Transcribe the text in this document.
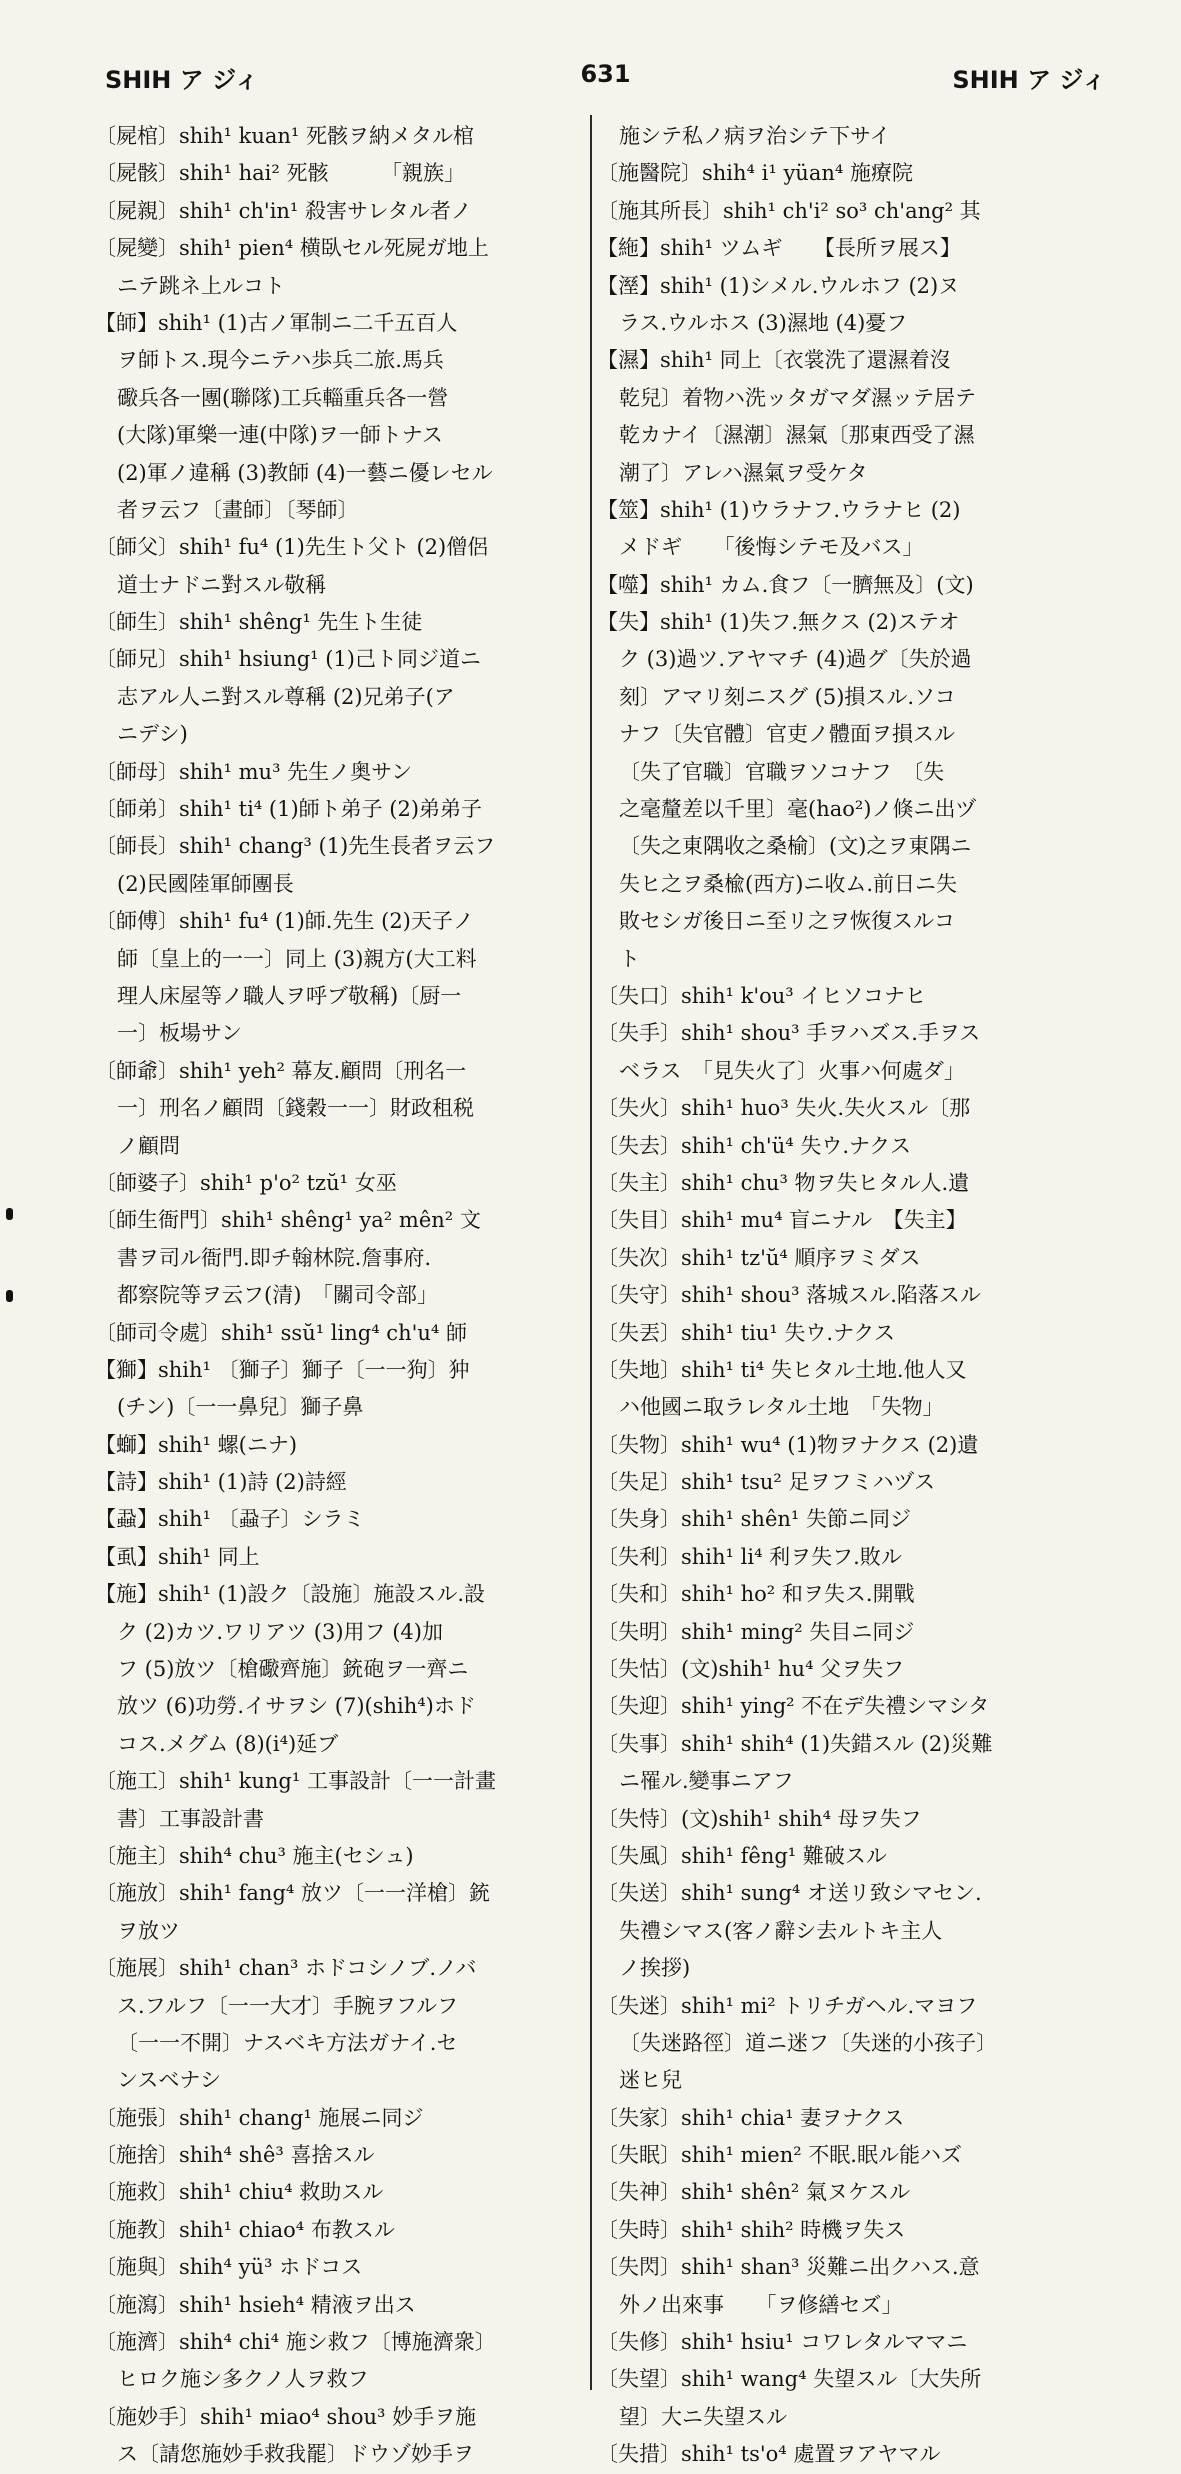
SHIH ア ジィ	631	SHIH ア ジィ
〔屍棺〕shih¹ kuan¹ 死骸ヲ納メタル棺
〔屍骸〕shih¹ hai² 死骸　　　「親族」
〔屍親〕shih¹ ch'in¹ 殺害サレタル者ノ
〔屍變〕shih¹ pien⁴ 横臥セル死屍ガ地上
ニテ跳ネ上ルコト
【師】shih¹ (1)古ノ軍制ニ二千五百人
ヲ師トス.現今ニテハ歩兵二旅.馬兵
礮兵各一團(聯隊)工兵輜重兵各一營
(大隊)軍樂一連(中隊)ヲ一師トナス
(2)軍ノ違稱 (3)教師 (4)一藝ニ優レセル
者ヲ云フ〔畫師〕〔琴師〕
〔師父〕shih¹ fu⁴ (1)先生ト父ト (2)僧侶
道士ナドニ對スル敬稱
〔師生〕shih¹ shêng¹ 先生ト生徒
〔師兄〕shih¹ hsiung¹ (1)己ト同ジ道ニ
志アル人ニ對スル尊稱 (2)兄弟子(ア
ニデシ)
〔師母〕shih¹ mu³ 先生ノ奥サン
〔師弟〕shih¹ ti⁴ (1)師ト弟子 (2)弟弟子
〔師長〕shih¹ chang³ (1)先生長者ヲ云フ
(2)民國陸軍師團長
〔師傅〕shih¹ fu⁴ (1)師.先生 (2)天子ノ
師〔皇上的一一〕同上 (3)親方(大工料
理人床屋等ノ職人ヲ呼ブ敬稱)〔厨一
一〕板場サン
〔師爺〕shih¹ yeh² 幕友.顧問〔刑名一
一〕刑名ノ顧問〔錢穀一一〕財政租税
ノ顧問
〔師婆子〕shih¹ p'o² tzŭ¹ 女巫
〔師生衙門〕shih¹ shêng¹ ya² mên² 文
書ヲ司ル衙門.即チ翰林院.詹事府.
都察院等ヲ云フ(清)　「關司令部」
〔師司令處〕shih¹ ssŭ¹ ling⁴ ch'u⁴ 師
【獅】shih¹ 〔獅子〕獅子〔一一狗〕狆
(チン)〔一一鼻兒〕獅子鼻
【螄】shih¹ 螺(ニナ)
【詩】shih¹ (1)詩 (2)詩經
【蝨】shih¹ 〔蝨子〕シラミ
【虱】shih¹ 同上
【施】shih¹ (1)設ク〔設施〕施設スル.設
ク (2)カツ.ワリアツ (3)用フ (4)加
フ (5)放ツ〔槍礮齊施〕銃砲ヲ一齊ニ
放ツ (6)功勞.イサヲシ (7)(shih⁴)ホド
コス.メグム (8)(i⁴)延ブ
〔施工〕shih¹ kung¹ 工事設計〔一一計畫
書〕工事設計書
〔施主〕shih⁴ chu³ 施主(セシュ)
〔施放〕shih¹ fang⁴ 放ツ〔一一洋槍〕銃
ヲ放ツ
〔施展〕shih¹ chan³ ホドコシノブ.ノバ
ス.フルフ〔一一大才〕手腕ヲフルフ
〔一一不開〕ナスベキ方法ガナイ.セ
ンスベナシ
〔施張〕shih¹ chang¹ 施展ニ同ジ
〔施捨〕shih⁴ shê³ 喜捨スル
〔施救〕shih¹ chiu⁴ 救助スル
〔施教〕shih¹ chiao⁴ 布教スル
〔施與〕shih⁴ yü³ ホドコス
〔施瀉〕shih¹ hsieh⁴ 精液ヲ出ス
〔施濟〕shih⁴ chi⁴ 施シ救フ〔博施濟衆〕
ヒロク施シ多クノ人ヲ救フ
〔施妙手〕shih¹ miao⁴ shou³ 妙手ヲ施
ス〔請您施妙手救我罷〕ドウゾ妙手ヲ
施シテ私ノ病ヲ治シテ下サイ
〔施醫院〕shih⁴ i¹ yüan⁴ 施療院
〔施其所長〕shih¹ ch'i² so³ ch'ang² 其
【絁】shih¹ ツムギ　　【長所ヲ展ス】
【溼】shih¹ (1)シメル.ウルホフ (2)ヌ
ラス.ウルホス (3)濕地 (4)憂フ
【濕】shih¹ 同上〔衣裳洗了還濕着沒
乾兒〕着物ハ洗ッタガマダ濕ッテ居テ
乾カナイ〔濕潮〕濕氣〔那東西受了濕
潮了〕アレハ濕氣ヲ受ケタ
【筮】shih¹ (1)ウラナフ.ウラナヒ (2)
メドギ　　「後悔シテモ及バス」
【噬】shih¹ カム.食フ〔一臍無及〕(文)
【失】shih¹ (1)失フ.無クス (2)ステオ
ク (3)過ツ.アヤマチ (4)過グ〔失於過
刻〕アマリ刻ニスグ (5)損スル.ソコ
ナフ〔失官體〕官吏ノ體面ヲ損スル
〔失了官職〕官職ヲソコナフ　〔失
之毫釐差以千里〕毫(hao²)ノ倏ニ出ヅ
〔失之東隅收之桑榆〕(文)之ヲ東隅ニ
失ヒ之ヲ桑楡(西方)ニ收ム.前日ニ失
敗セシガ後日ニ至リ之ヲ恢復スルコ
ト
〔失口〕shih¹ k'ou³ イヒソコナヒ
〔失手〕shih¹ shou³ 手ヲハズス.手ヲス
ベラス　「見失火了〕火事ハ何處ダ」
〔失火〕shih¹ huo³ 失火.失火スル〔那
〔失去〕shih¹ ch'ü⁴ 失ウ.ナクス
〔失主〕shih¹ chu³ 物ヲ失ヒタル人.遺
〔失目〕shih¹ mu⁴ 盲ニナル　【失主】
〔失次〕shih¹ tz'ŭ⁴ 順序ヲミダス
〔失守〕shih¹ shou³ 落城スル.陷落スル
〔失丟〕shih¹ tiu¹ 失ウ.ナクス
〔失地〕shih¹ ti⁴ 失ヒタル土地.他人又
ハ他國ニ取ラレタル土地　「失物」
〔失物〕shih¹ wu⁴ (1)物ヲナクス (2)遺
〔失足〕shih¹ tsu² 足ヲフミハヅス
〔失身〕shih¹ shên¹ 失節ニ同ジ
〔失利〕shih¹ li⁴ 利ヲ失フ.敗ル
〔失和〕shih¹ ho² 和ヲ失ス.開戰
〔失明〕shih¹ ming² 失目ニ同ジ
〔失怙〕(文)shih¹ hu⁴ 父ヲ失フ
〔失迎〕shih¹ ying² 不在デ失禮シマシタ
〔失事〕shih¹ shih⁴ (1)失錯スル (2)災難
ニ罹ル.變事ニアフ
〔失恃〕(文)shih¹ shih⁴ 母ヲ失フ
〔失風〕shih¹ fêng¹ 難破スル
〔失送〕shih¹ sung⁴ オ送リ致シマセン.
失禮シマス(客ノ辭シ去ルトキ主人
ノ挨拶)
〔失迷〕shih¹ mi² トリチガヘル.マヨフ
〔失迷路徑〕道ニ迷フ〔失迷的小孩子〕
迷ヒ兒
〔失家〕shih¹ chia¹ 妻ヲナクス
〔失眠〕shih¹ mien² 不眠.眠ル能ハズ
〔失神〕shih¹ shên² 氣ヌケスル
〔失時〕shih¹ shih² 時機ヲ失ス
〔失閃〕shih¹ shan³ 災難ニ出クハス.意
外ノ出來事　　「ヲ修繕セズ」
〔失修〕shih¹ hsiu¹ コワレタルママニ
〔失望〕shih¹ wang⁴ 失望スル〔大失所
望〕大ニ失望スル
〔失措〕shih¹ ts'o⁴ 處置ヲアヤマル
